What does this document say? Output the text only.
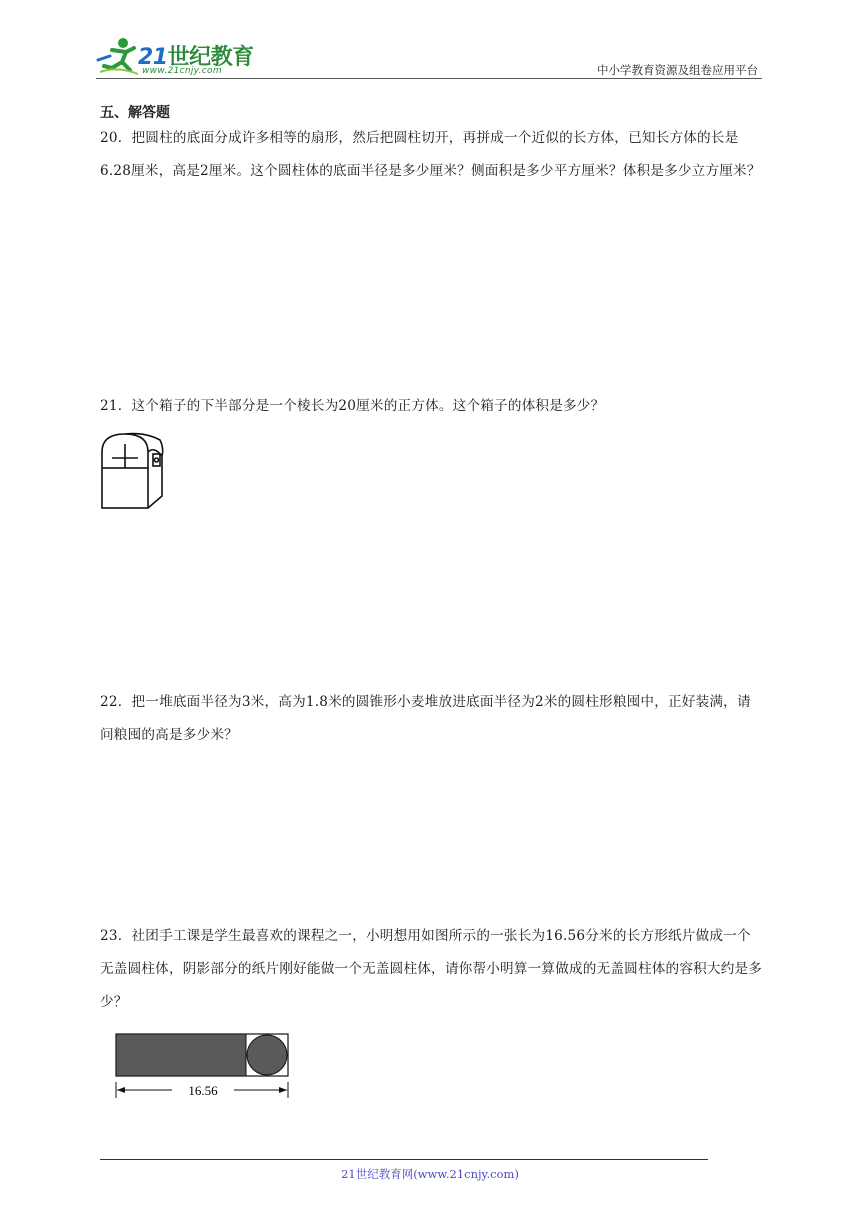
21世纪教育
www.21cnjy.com	中小学教育资源及组卷应用平台
五、解答题
20．把圆柱的底面分成许多相等的扇形，然后把圆柱切开，再拼成一个近似的长方体，已知长方体的长是6.28厘米，高是2厘米。这个圆柱体的底面半径是多少厘米？侧面积是多少平方厘米？体积是多少立方厘米？
21．这个箱子的下半部分是一个棱长为20厘米的正方体。这个箱子的体积是多少？
22．把一堆底面半径为3米，高为1.8米的圆锥形小麦堆放进底面半径为2米的圆柱形粮囤中，正好装满，请问粮囤的高是多少米？
23．社团手工课是学生最喜欢的课程之一，小明想用如图所示的一张长为16.56分米的长方形纸片做成一个无盖圆柱体，阴影部分的纸片刚好能做一个无盖圆柱体，请你帮小明算一算做成的无盖圆柱体的容积大约是多少？
16.56
21世纪教育网(www.21cnjy.com)
